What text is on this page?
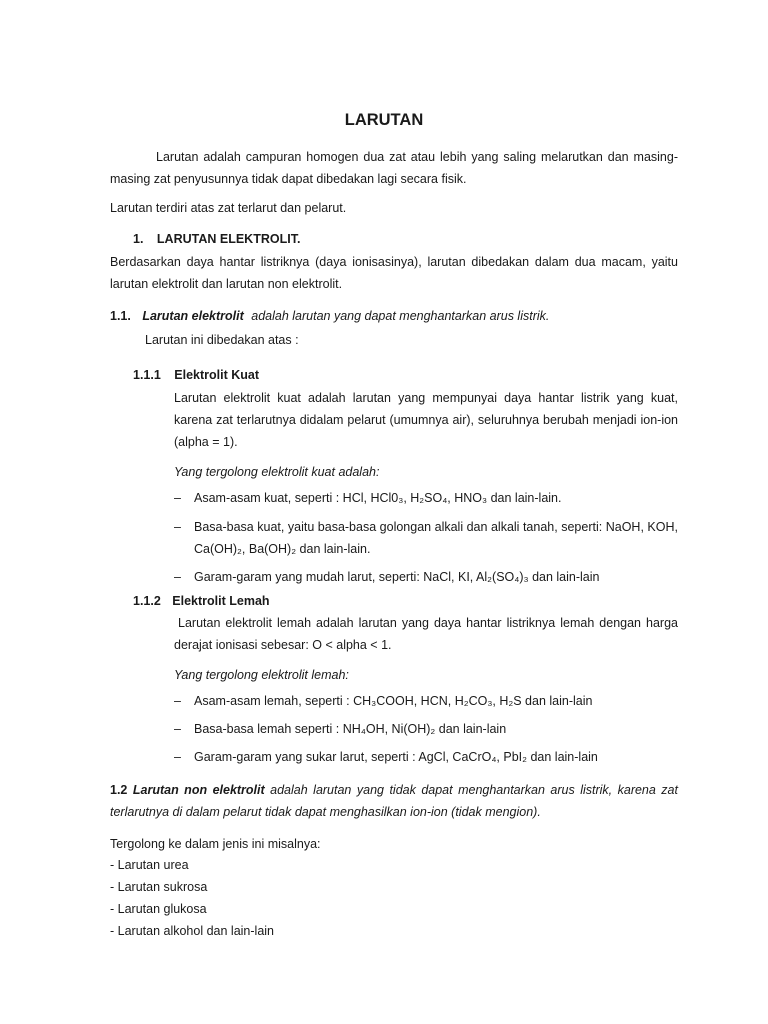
LARUTAN

Larutan adalah campuran homogen dua zat atau lebih yang saling melarutkan dan masing-masing zat penyusunnya tidak dapat dibedakan lagi secara fisik.

Larutan terdiri atas zat terlarut dan pelarut.

1. LARUTAN ELEKTROLIT.

Berdasarkan daya hantar listriknya (daya ionisasinya), larutan dibedakan dalam dua macam, yaitu larutan elektrolit dan larutan non elektrolit.

1.1. Larutan elektrolit adalah larutan yang dapat menghantarkan arus listrik.

Larutan ini dibedakan atas :

1.1.1 Elektrolit Kuat

Larutan elektrolit kuat adalah larutan yang mempunyai daya hantar listrik yang kuat, karena zat terlarutnya didalam pelarut (umumnya air), seluruhnya berubah menjadi ion-ion (alpha = 1).

Yang tergolong elektrolit kuat adalah:

–	Asam-asam kuat, seperti : HCl, HCl0₃, H₂SO₄, HNO₃ dan lain-lain.
–	Basa-basa kuat, yaitu basa-basa golongan alkali dan alkali tanah, seperti: NaOH, KOH, Ca(OH)₂, Ba(OH)₂ dan lain-lain.
–	Garam-garam yang mudah larut, seperti: NaCl, KI, Al₂(SO₄)₃ dan lain-lain
1.1.2 Elektrolit Lemah

Larutan elektrolit lemah adalah larutan yang daya hantar listriknya lemah dengan harga derajat ionisasi sebesar: O < alpha < 1.

Yang tergolong elektrolit lemah:

–	Asam-asam lemah, seperti : CH₃COOH, HCN, H₂CO₃, H₂S dan lain-lain
–	Basa-basa lemah seperti : NH₄OH, Ni(OH)₂ dan lain-lain
–	Garam-garam yang sukar larut, seperti : AgCl, CaCrO₄, PbI₂ dan lain-lain

1.2 Larutan non elektrolit adalah larutan yang tidak dapat menghantarkan arus listrik, karena zat terlarutnya di dalam pelarut tidak dapat menghasilkan ion-ion (tidak mengion).

Tergolong ke dalam jenis ini misalnya:

- Larutan urea

- Larutan sukrosa

- Larutan glukosa

- Larutan alkohol dan lain-lain
